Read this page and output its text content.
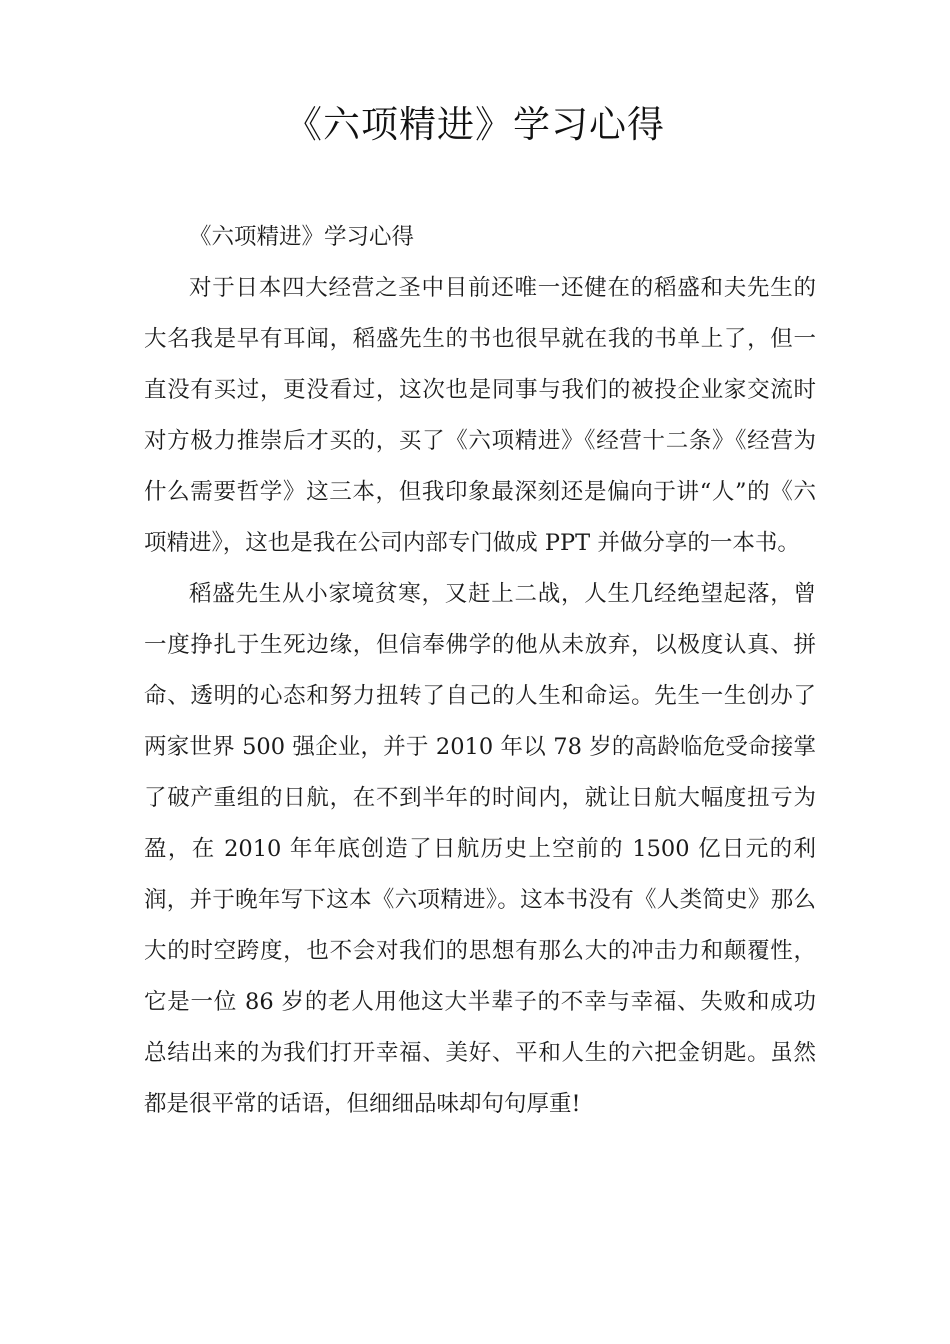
《六项精进》学习心得

《六项精进》学习心得

对于日本四大经营之圣中目前还唯一还健在的稻盛和夫先生的大名我是早有耳闻，稻盛先生的书也很早就在我的书单上了，但一直没有买过，更没看过，这次也是同事与我们的被投企业家交流时对方极力推崇后才买的，买了《六项精进》《经营十二条》《经营为什么需要哲学》这三本，但我印象最深刻还是偏向于讲“人”的《六项精进》，这也是我在公司内部专门做成 PPT 并做分享的一本书。

稻盛先生从小家境贫寒，又赶上二战，人生几经绝望起落，曾一度挣扎于生死边缘，但信奉佛学的他从未放弃，以极度认真、拼命、透明的心态和努力扭转了自己的人生和命运。先生一生创办了两家世界 500 强企业，并于 2010 年以 78 岁的高龄临危受命接掌了破产重组的日航，在不到半年的时间内，就让日航大幅度扭亏为盈，在 2010 年年底创造了日航历史上空前的 1500 亿日元的利润，并于晚年写下这本《六项精进》。这本书没有《人类简史》那么大的时空跨度，也不会对我们的思想有那么大的冲击力和颠覆性，它是一位 86 岁的老人用他这大半辈子的不幸与幸福、失败和成功总结出来的为我们打开幸福、美好、平和人生的六把金钥匙。虽然都是很平常的话语，但细细品味却句句厚重!
